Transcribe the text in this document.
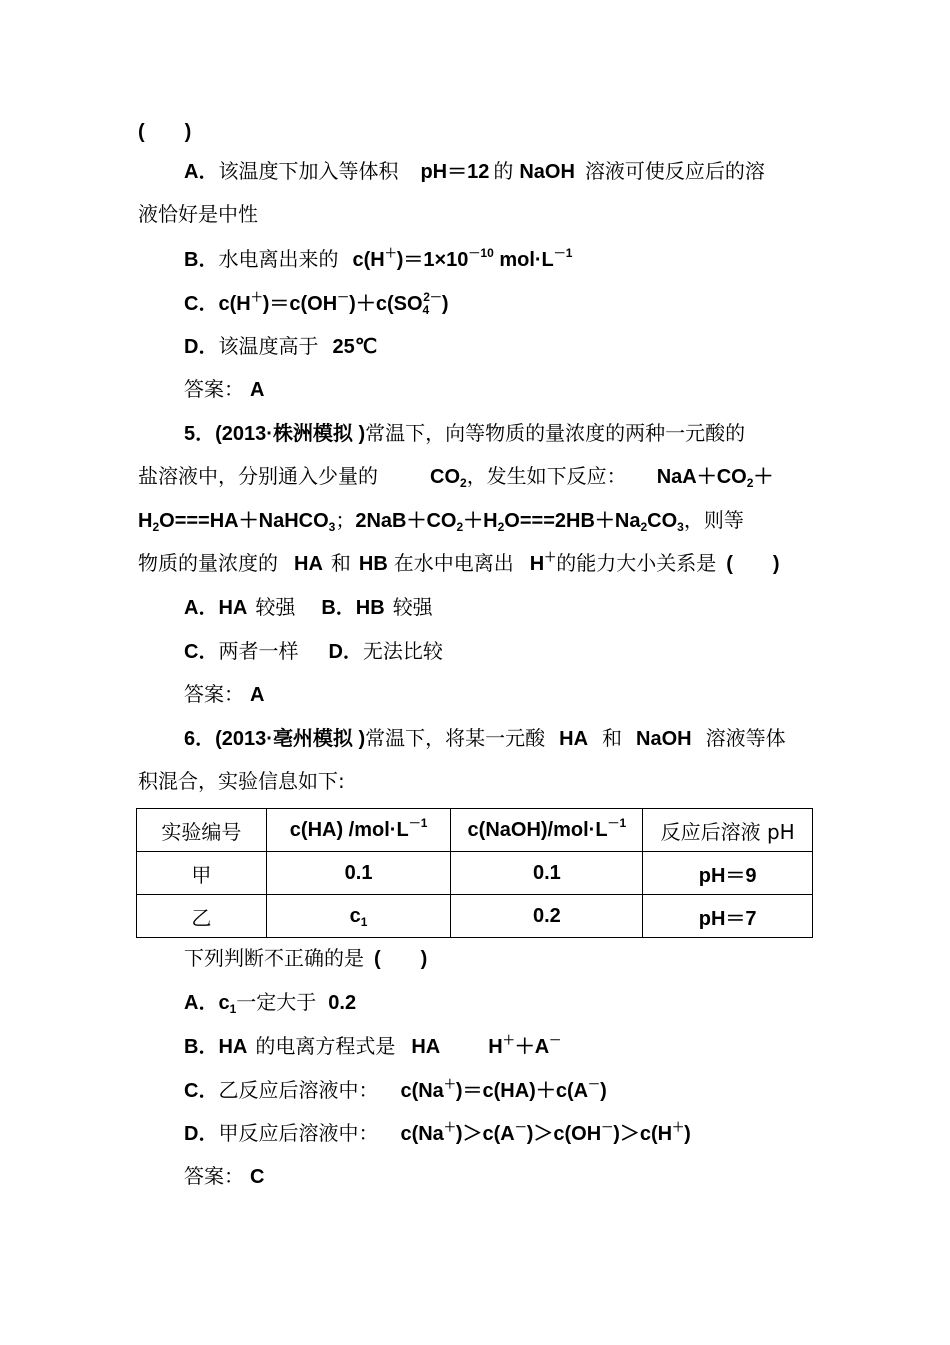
(　　)
A．该温度下加入等体积 pH＝12 的 NaOH 溶液可使反应后的溶
液恰好是中性
B．水电离出来的 $c(H^+)=1\times 10^{-10}$ $mol\cdot L^{-1}$
C．$c(H^+)=c(OH^-)+c(SO_4^{2-})$
D．该温度高于 25℃
答案： A
5．(2013·株洲模拟 )常温下，向等物质的量浓度的两种一元酸的
盐溶液中，分别通入少量的	$CO_2$，发生如下反应： $NaA+CO_2+$
$H_2O===HA+NaHCO_3$；$2NaB+CO_2+H_2O===2HB+Na_2CO_3$，则等
物质的量浓度的 HA 和 HB 在水中电离出 H＋的能力大小关系是 (　　)
A．HA 较强 B．HB 较强
C．两者一样 D．无法比较
答案： A
6．(2013·亳州模拟 )常温下，将某一元酸 HA 和 NaOH 溶液等体
积混合，实验信息如下:
实验编号	c(HA) $/mol\cdot L^{-1}$	$c(NaOH)/mol\cdot L^{-1}$	反应后溶液 pH
甲	0.1	0.1	pH＝9
乙	$c_1$	0.2	pH＝7
下列判断不正确的是 (　　)
A．$c_1$一定大于 0.2
B．HA 的电离方程式是 HA H＋＋A－
C．乙反应后溶液中： c(Na＋)＝c(HA)＋c(A－)
D．甲反应后溶液中： c(Na＋)＞c(A－)＞c(OH－)＞c(H＋)
答案： C
